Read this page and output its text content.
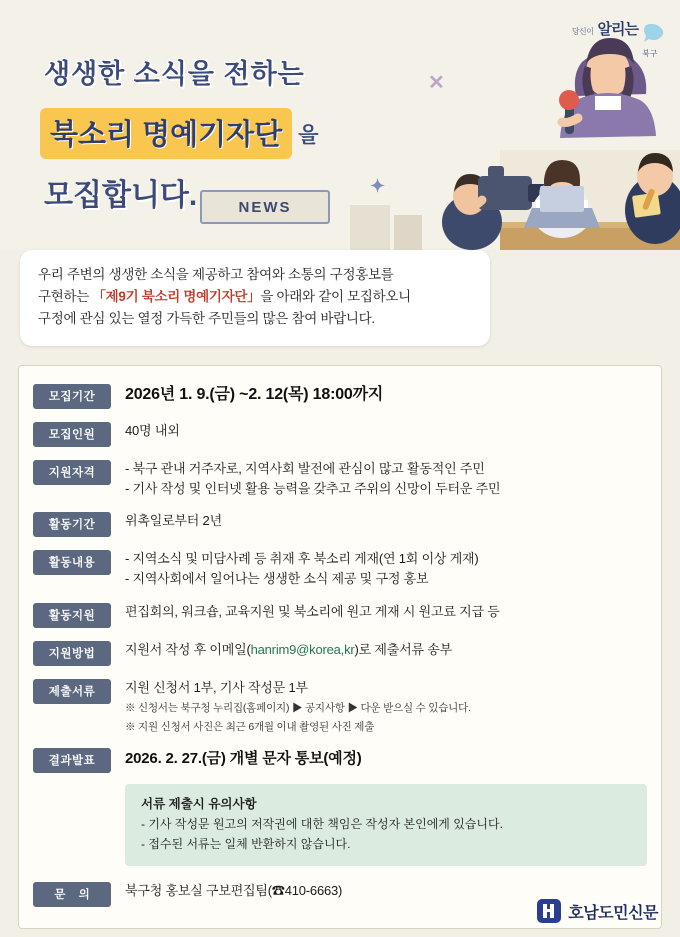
NEWS
당신이 알리는
북구
생생한 소식을 전하는
북소리 명예기자단 을
모집합니다.
✕
✦

우리 주변의 생생한 소식을 제공하고 참여와 소통의 구정홍보를

구현하는 「제9기 북소리 명예기자단」을 아래와 같이 모집하오니

구정에 관심 있는 열정 가득한 주민들의 많은 참여 바랍니다.

모집기간	2026년 1. 9.(금) ~2. 12(목) 18:00까지
모집인원	40명 내외
지원자격	- 북구 관내 거주자로, 지역사회 발전에 관심이 많고 활동적인 주민
- 기사 작성 및 인터넷 활용 능력을 갖추고 주위의 신망이 두터운 주민
활동기간	위촉일로부터 2년
활동내용	- 지역소식 및 미담사례 등 취재 후 북소리 게재(연 1회 이상 게재)
- 지역사회에서 일어나는 생생한 소식 제공 및 구정 홍보
활동지원	편집회의, 워크숍, 교육지원 및 북소리에 원고 게재 시 원고료 지급 등
지원방법	지원서 작성 후 이메일(hanrim9@korea,kr)로 제출서류 송부
제출서류	지원 신청서 1부, 기사 작성문 1부
※ 신청서는 북구청 누리집(홈페이지) ▶ 공지사항 ▶ 다운 받으실 수 있습니다.
※ 지원 신청서 사진은 최근 6개월 이내 촬영된 사진 제출
결과발표	2026. 2. 27.(금) 개별 문자 통보(예정)
서류 제출시 유의사항
- 기사 작성문 원고의 저작권에 대한 책임은 작성자 본인에게 있습니다.
- 접수된 서류는 일체 반환하지 않습니다.
문 의	북구청 홍보실 구보편집팀(☎410-6663)
호남도민신문
